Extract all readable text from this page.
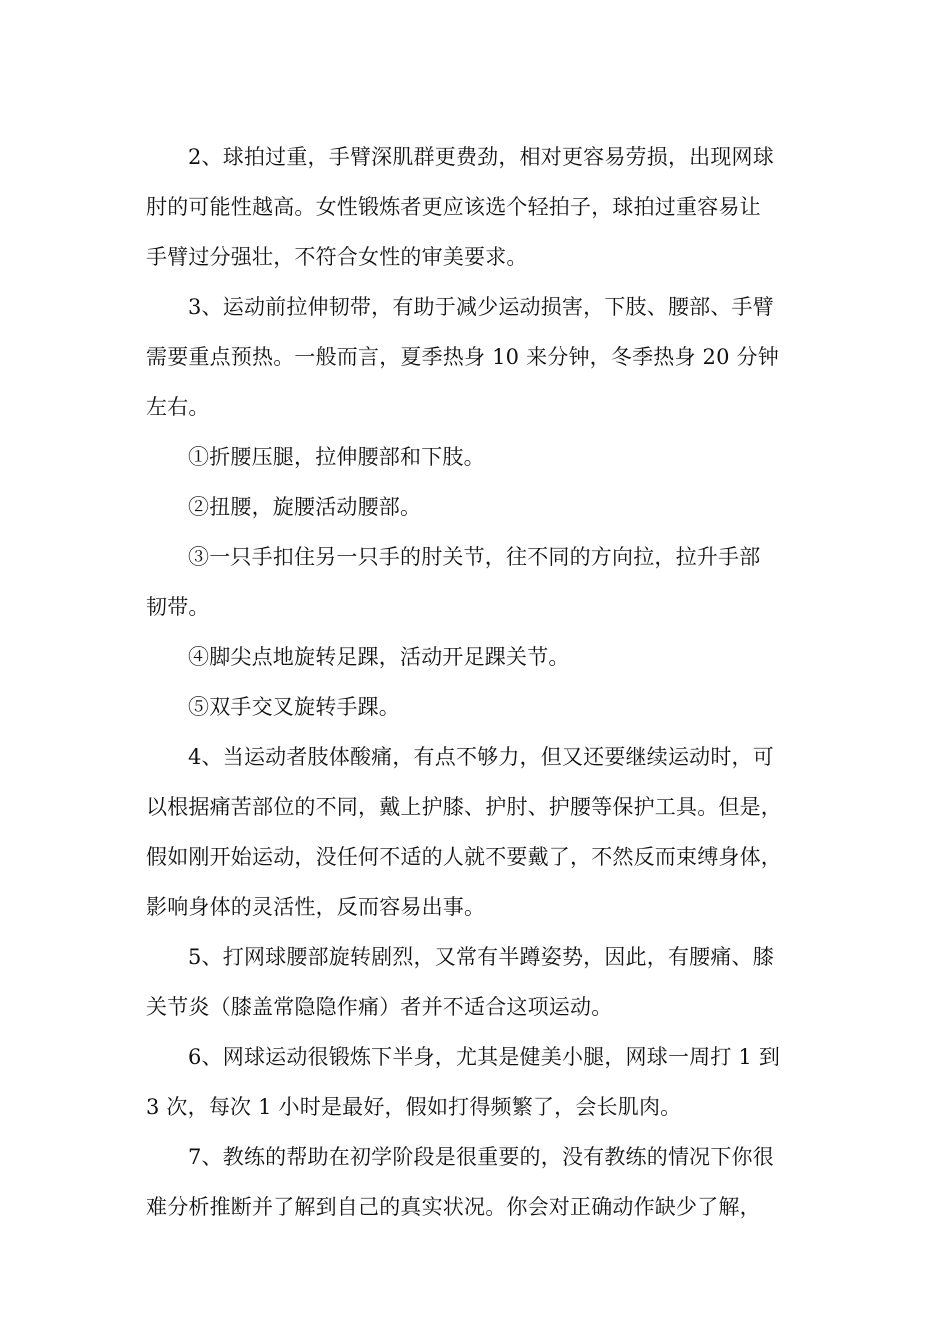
2、球拍过重，手臂深肌群更费劲，相对更容易劳损，出现网球
肘的可能性越高。女性锻炼者更应该选个轻拍子，球拍过重容易让
手臂过分强壮，不符合女性的审美要求。

3、运动前拉伸韧带，有助于减少运动损害，下肢、腰部、手臂
需要重点预热。一般而言，夏季热身 10 来分钟，冬季热身 20 分钟
左右。

①折腰压腿，拉伸腰部和下肢。

②扭腰，旋腰活动腰部。

③一只手扣住另一只手的肘关节，往不同的方向拉，拉升手部
韧带。

④脚尖点地旋转足踝，活动开足踝关节。

⑤双手交叉旋转手踝。

4、当运动者肢体酸痛，有点不够力，但又还要继续运动时，可
以根据痛苦部位的不同，戴上护膝、护肘、护腰等保护工具。但是，
假如刚开始运动，没任何不适的人就不要戴了，不然反而束缚身体，
影响身体的灵活性，反而容易出事。

5、打网球腰部旋转剧烈，又常有半蹲姿势，因此，有腰痛、膝
关节炎（膝盖常隐隐作痛）者并不适合这项运动。

6、网球运动很锻炼下半身，尤其是健美小腿，网球一周打 1 到
3 次，每次 1 小时是最好，假如打得频繁了，会长肌肉。

7、教练的帮助在初学阶段是很重要的，没有教练的情况下你很
难分析推断并了解到自己的真实状况。你会对正确动作缺少了解，
